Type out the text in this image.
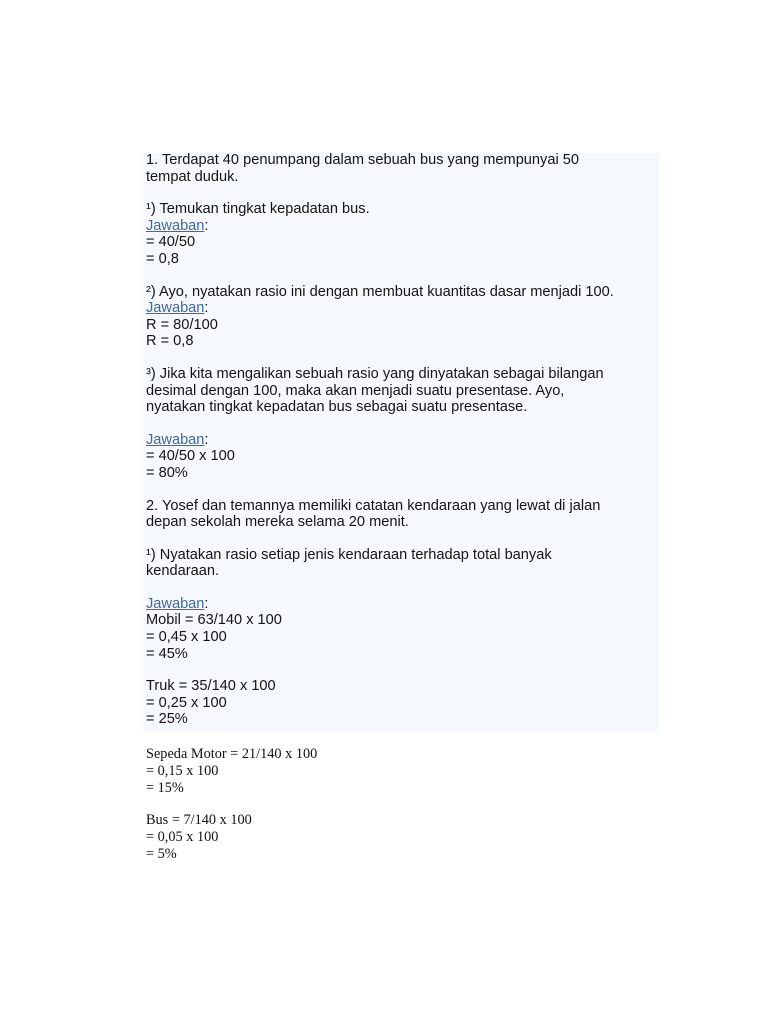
1. Terdapat 40 penumpang dalam sebuah bus yang mempunyai 50
tempat duduk.

¹) Temukan tingkat kepadatan bus.
Jawaban:
= 40/50
= 0,8

²) Ayo, nyatakan rasio ini dengan membuat kuantitas dasar menjadi 100.
Jawaban:
R = 80/100
R = 0,8

³) Jika kita mengalikan sebuah rasio yang dinyatakan sebagai bilangan
desimal dengan 100, maka akan menjadi suatu presentase. Ayo,
nyatakan tingkat kepadatan bus sebagai suatu presentase.

Jawaban:
= 40/50 x 100
= 80%

2. Yosef dan temannya memiliki catatan kendaraan yang lewat di jalan
depan sekolah mereka selama 20 menit.

¹) Nyatakan rasio setiap jenis kendaraan terhadap total banyak
kendaraan.

Jawaban:
Mobil = 63/140 x 100
= 0,45 x 100
= 45%

Truk = 35/140 x 100
= 0,25 x 100
= 25%

Sepeda Motor = 21/140 x 100
= 0,15 x 100
= 15%

Bus = 7/140 x 100
= 0,05 x 100
= 5%
